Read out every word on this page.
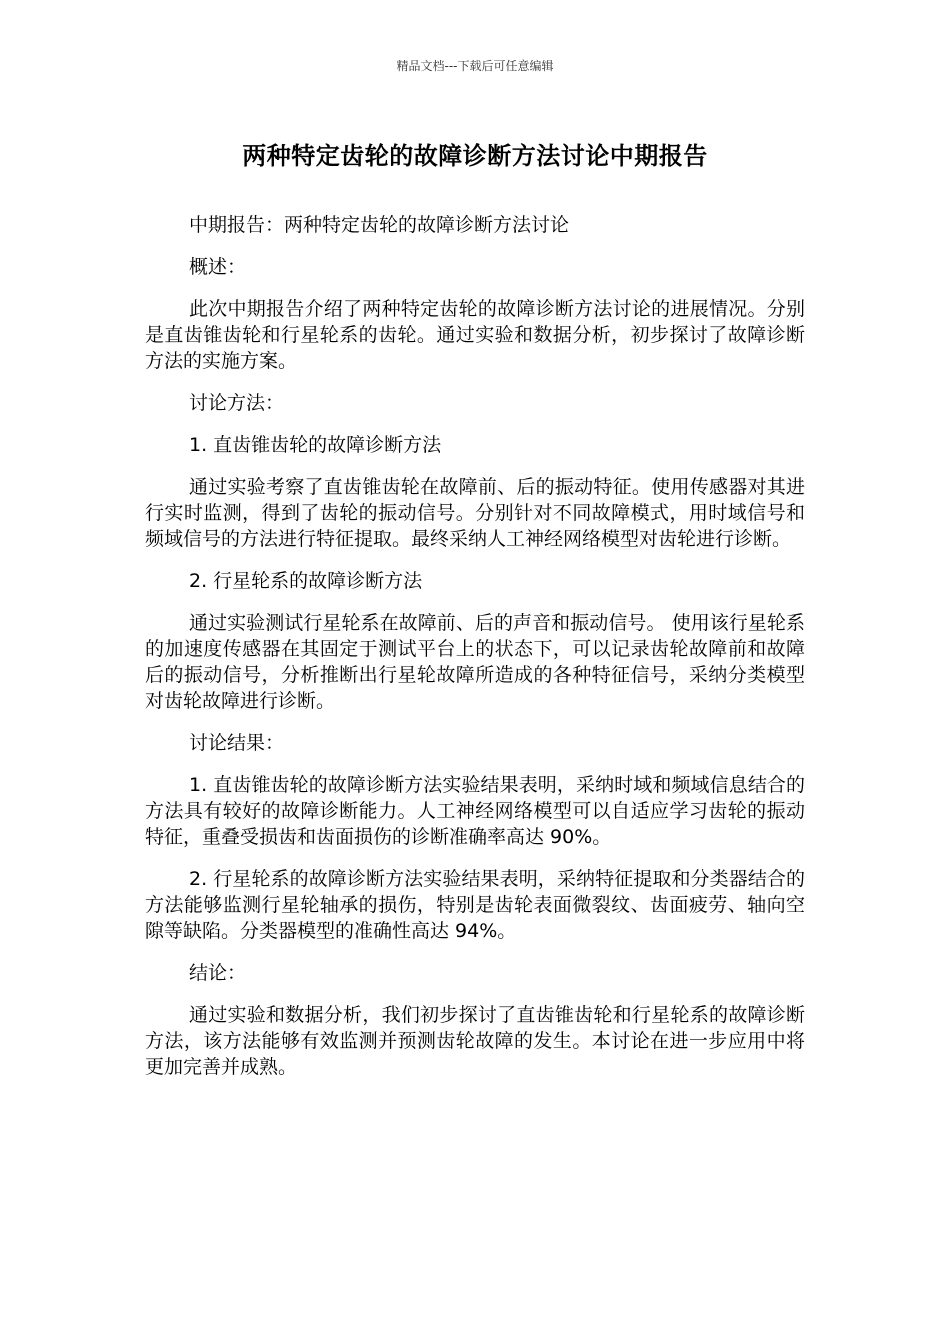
精品文档---下载后可任意编辑
两种特定齿轮的故障诊断方法讨论中期报告

中期报告：两种特定齿轮的故障诊断方法讨论

概述：

此次中期报告介绍了两种特定齿轮的故障诊断方法讨论的进展情况。分别是直齿锥齿轮和行星轮系的齿轮。通过实验和数据分析，初步探讨了故障诊断方法的实施方案。

讨论方法：

1. 直齿锥齿轮的故障诊断方法

通过实验考察了直齿锥齿轮在故障前、后的振动特征。使用传感器对其进行实时监测，得到了齿轮的振动信号。分别针对不同故障模式，用时域信号和频域信号的方法进行特征提取。最终采纳人工神经网络模型对齿轮进行诊断。

2. 行星轮系的故障诊断方法

通过实验测试行星轮系在故障前、后的声音和振动信号。 使用该行星轮系的加速度传感器在其固定于测试平台上的状态下，可以记录齿轮故障前和故障后的振动信号，分析推断出行星轮故障所造成的各种特征信号，采纳分类模型对齿轮故障进行诊断。

讨论结果：

1. 直齿锥齿轮的故障诊断方法实验结果表明，采纳时域和频域信息结合的方法具有较好的故障诊断能力。人工神经网络模型可以自适应学习齿轮的振动特征，重叠受损齿和齿面损伤的诊断准确率高达 90%。

2. 行星轮系的故障诊断方法实验结果表明，采纳特征提取和分类器结合的方法能够监测行星轮轴承的损伤，特别是齿轮表面微裂纹、齿面疲劳、轴向空隙等缺陷。分类器模型的准确性高达 94%。

结论：

通过实验和数据分析，我们初步探讨了直齿锥齿轮和行星轮系的故障诊断方法，该方法能够有效监测并预测齿轮故障的发生。本讨论在进一步应用中将更加完善并成熟。
